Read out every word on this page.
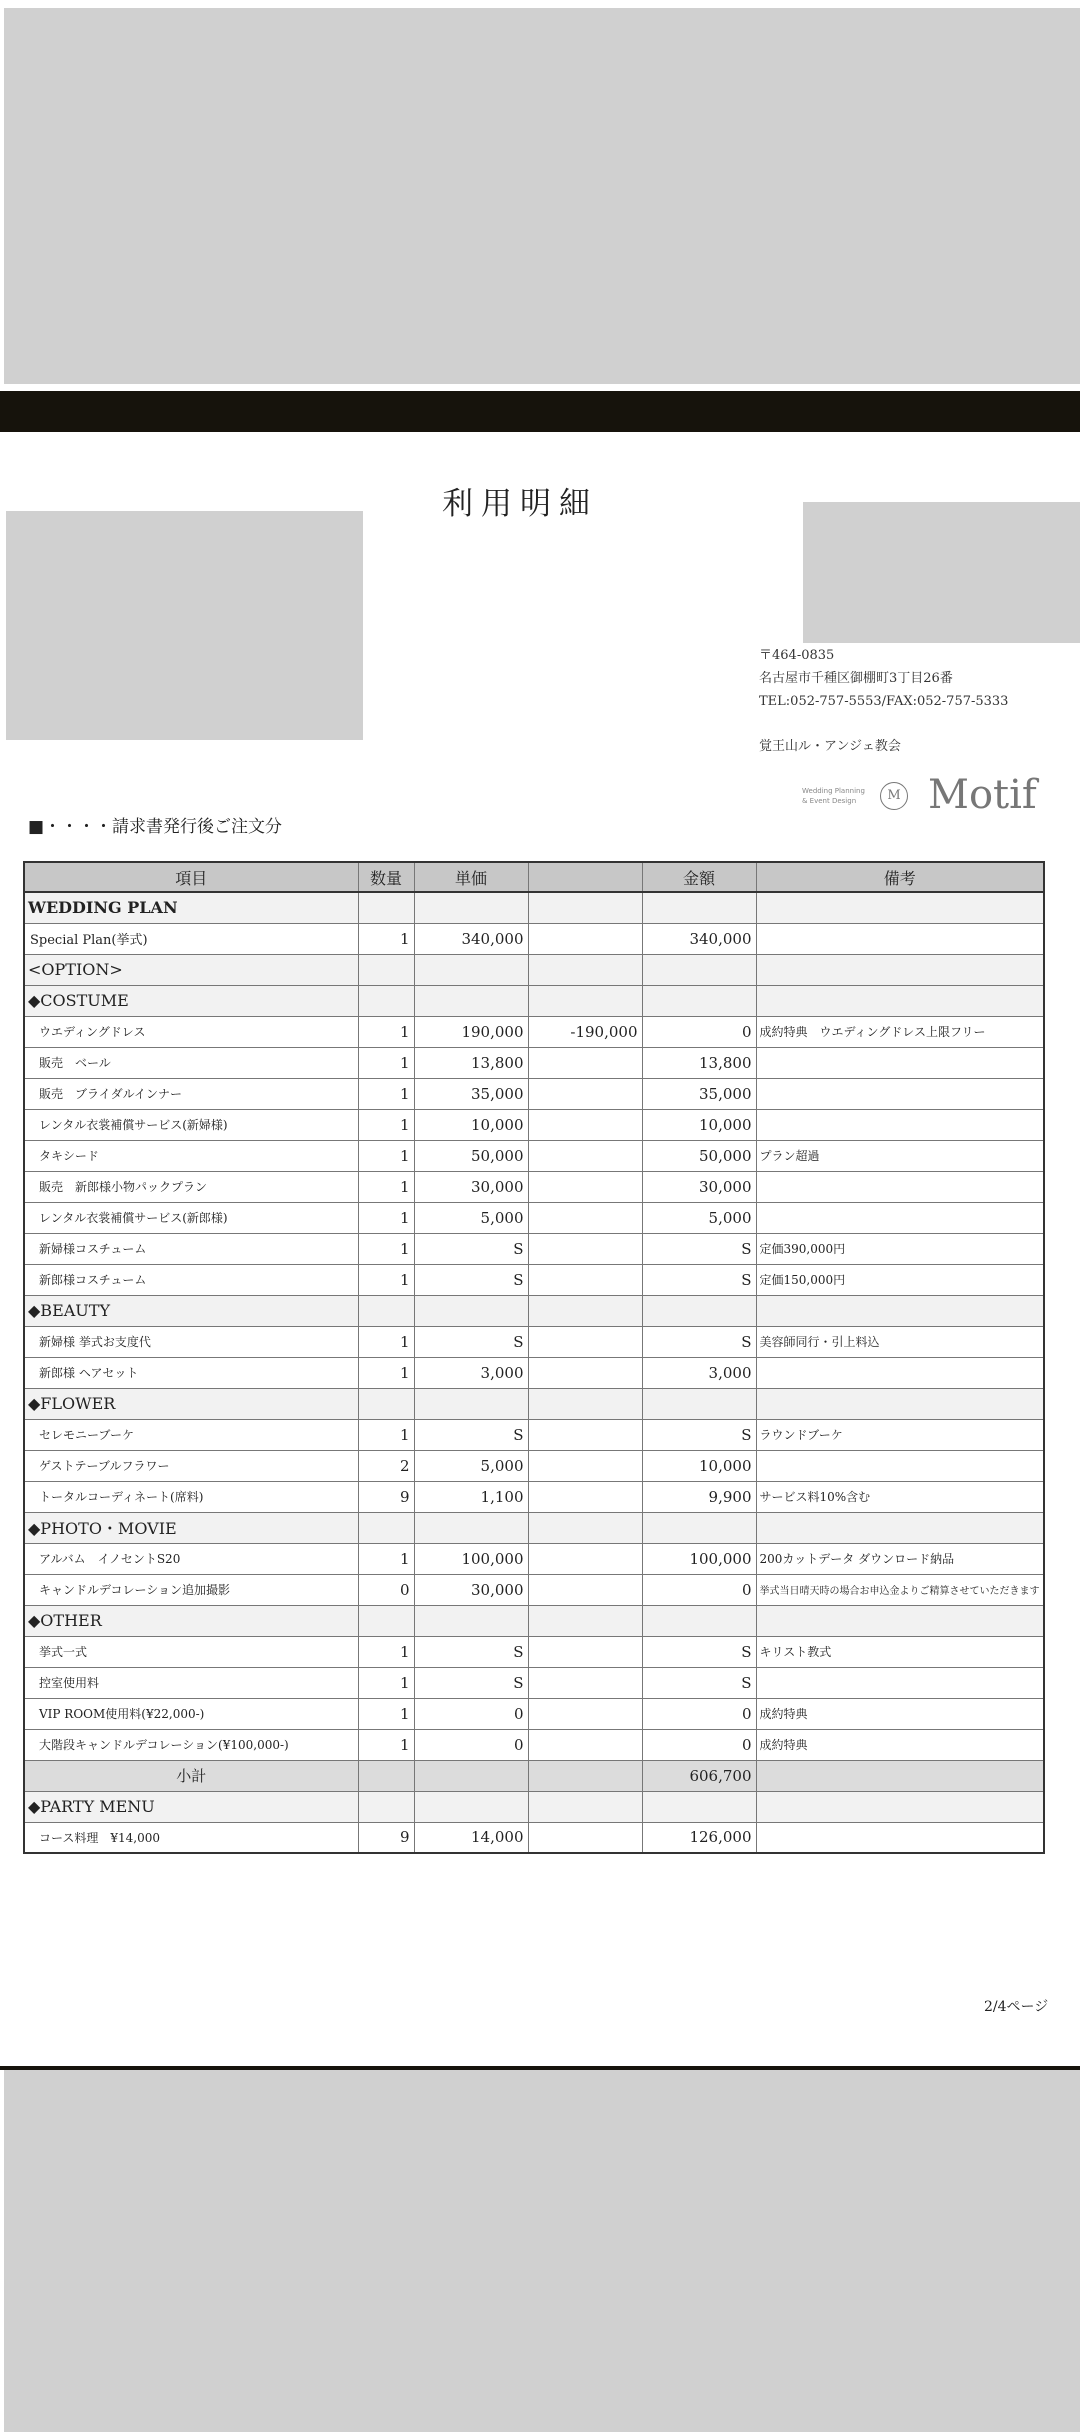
利用明細
〒464-0835
名古屋市千種区御棚町3丁目26番
TEL:052-757-5553/FAX:052-757-5333
覚王山ル・アンジェ教会
Wedding Planning
& Event Design	M Motif
■・・・・請求書発行後ご注文分
項目	数量	単価		金額	備考
WEDDING PLAN					
Special Plan(挙式)	1	340,000		340,000	
<OPTION>					
◆COSTUME					
ウエディングドレス	1	190,000	-190,000	0	成約特典　ウエディングドレス上限フリー
販売　ベール	1	13,800		13,800	
販売　ブライダルインナー	1	35,000		35,000	
レンタル衣裳補償サービス(新婦様)	1	10,000		10,000	
タキシード	1	50,000		50,000	プラン超過
販売　新郎様小物パックプラン	1	30,000		30,000	
レンタル衣裳補償サービス(新郎様)	1	5,000		5,000	
新婦様コスチューム	1	S		S	定価390,000円
新郎様コスチューム	1	S		S	定価150,000円
◆BEAUTY					
新婦様 挙式お支度代	1	S		S	美容師同行・引上料込
新郎様 ヘアセット	1	3,000		3,000	
◆FLOWER					
セレモニーブーケ	1	S		S	ラウンドブーケ
ゲストテーブルフラワー	2	5,000		10,000	
トータルコーディネート(席料)	9	1,100		9,900	サービス料10%含む
◆PHOTO・MOVIE					
アルバム　イノセントS20	1	100,000		100,000	200カットデータ ダウンロード納品
キャンドルデコレーション追加撮影	0	30,000		0	挙式当日晴天時の場合お申込金よりご精算させていただきます
◆OTHER					
挙式一式	1	S		S	キリスト教式
控室使用料	1	S		S	
VIP ROOM使用料(¥22,000-)	1	0		0	成約特典
大階段キャンドルデコレーション(¥100,000-)	1	0		0	成約特典
小計				606,700	
◆PARTY MENU					
コース料理　¥14,000	9	14,000		126,000	
2/4ページ
